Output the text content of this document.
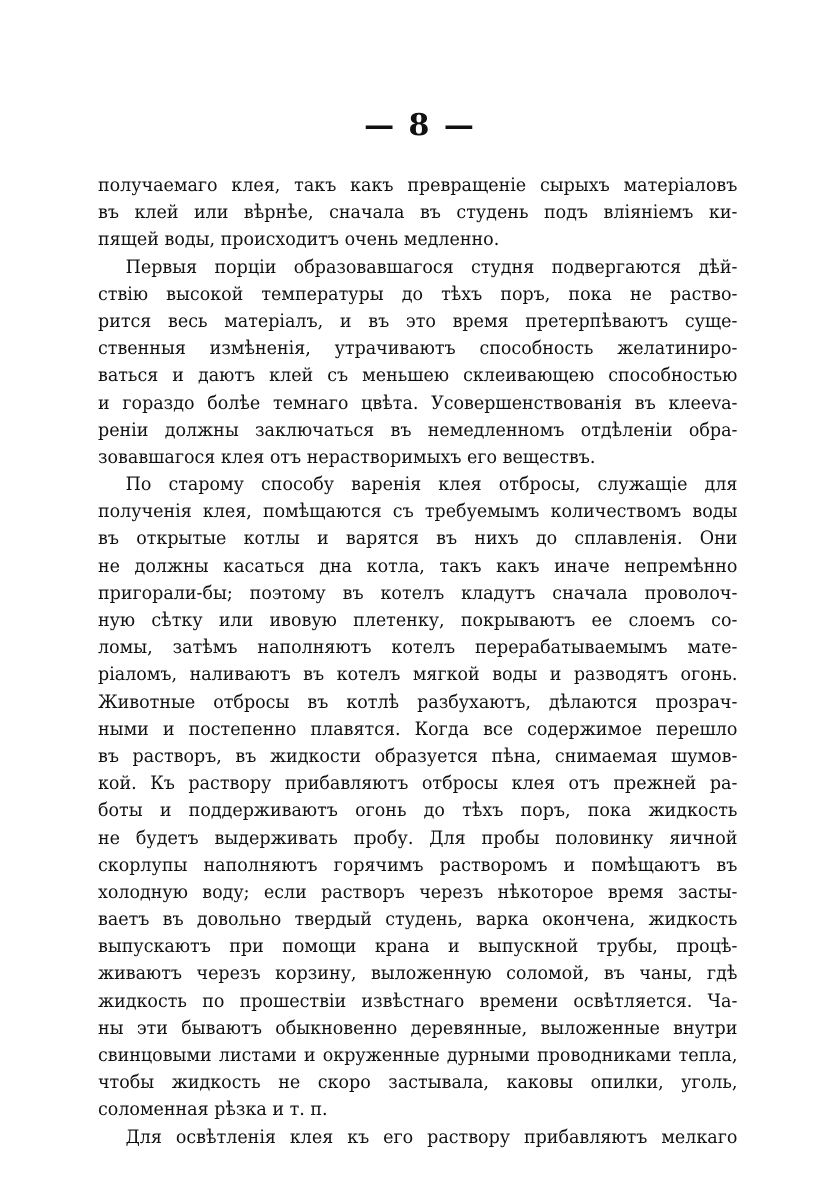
— 8 —
получаемаго клея, такъ какъ превращеніе сырыхъ матеріаловъ
въ клей или вѣрнѣе, сначала въ студень подъ вліяніемъ ки-
пящей воды, происходитъ очень медленно.
Первыя порціи образовавшагося студня подвергаются дѣй-
ствію высокой температуры до тѣхъ поръ, пока не раство-
рится весь матеріалъ, и въ это время претерпѣваютъ суще-
ственныя измѣненія, утрачиваютъ способность желатиниро-
ваться и даютъ клей съ меньшею склеивающею способностью
и гораздо болѣе темнаго цвѣта. Усовершенствованія въ клееva-
реніи должны заключаться въ немедленномъ отдѣленіи обра-
зовавшагося клея отъ нерастворимыхъ его веществъ.
По старому способу варенія клея отбросы, служащіе для
полученія клея, помѣщаются съ требуемымъ количествомъ воды
въ открытые котлы и варятся въ нихъ до сплавленія. Они
не должны касаться дна котла, такъ какъ иначе непремѣнно
пригорали-бы; поэтому въ котелъ кладутъ сначала проволоч-
ную сѣтку или ивовую плетенку, покрываютъ ее слоемъ со-
ломы, затѣмъ наполняютъ котелъ перерабатываемымъ мате-
ріаломъ, наливаютъ въ котелъ мягкой воды и разводятъ огонь.
Животные отбросы въ котлѣ разбухаютъ, дѣлаются прозрач-
ными и постепенно плавятся. Когда все содержимое перешло
въ растворъ, въ жидкости образуется пѣна, снимаемая шумов-
кой. Къ раствору прибавляютъ отбросы клея отъ прежней ра-
боты и поддерживаютъ огонь до тѣхъ поръ, пока жидкость
не будетъ выдерживать пробу. Для пробы половинку яичной
скорлупы наполняютъ горячимъ растворомъ и помѣщаютъ въ
холодную воду; если растворъ черезъ нѣкоторое время засты-
ваетъ въ довольно твердый студень, варка окончена, жидкость
выпускаютъ при помощи крана и выпускной трубы, процѣ-
живаютъ черезъ корзину, выложенную соломой, въ чаны, гдѣ
жидкость по прошествіи извѣстнаго времени освѣтляется. Ча-
ны эти бываютъ обыкновенно деревянные, выложенные внутри
свинцовыми листами и окруженные дурными проводниками тепла,
чтобы жидкость не скоро застывала, каковы опилки, уголь,
соломенная рѣзка и т. п.
Для освѣтленія клея къ его раствору прибавляютъ мелкаго
